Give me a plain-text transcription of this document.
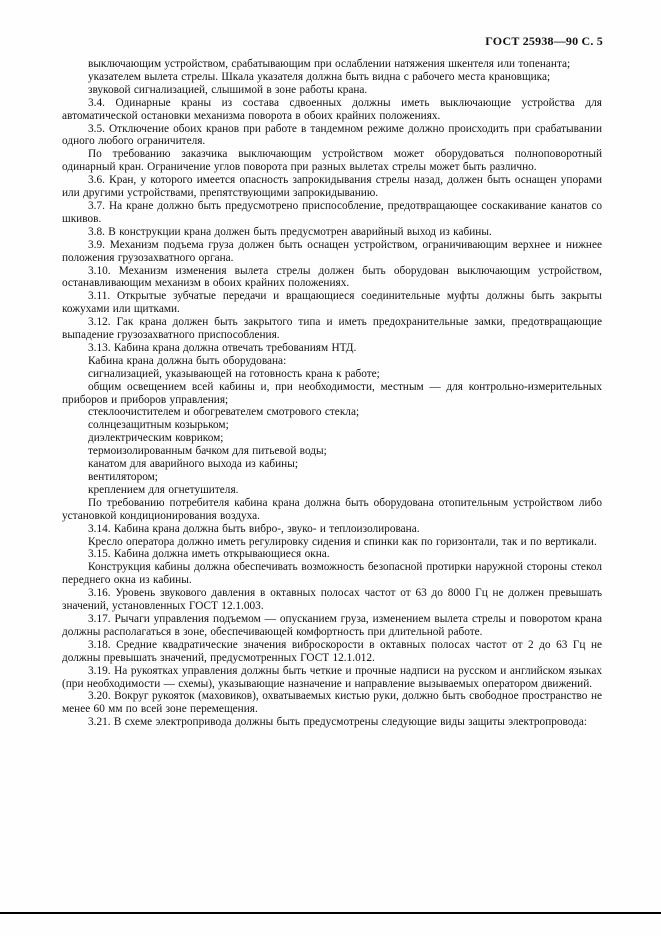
ГОСТ 25938—90 С. 5

выключающим устройством, срабатывающим при ослаблении натяжения шкентеля или топенанта;

указателем вылета стрелы. Шкала указателя должна быть видна с рабочего места крановщика;

звуковой сигнализацией, слышимой в зоне работы крана.

3.4. Одинарные краны из состава сдвоенных должны иметь выключающие устройства для автоматической остановки механизма поворота в обоих крайних положениях.

3.5. Отключение обоих кранов при работе в тандемном режиме должно происходить при срабатывании одного любого ограничителя.

По требованию заказчика выключающим устройством может оборудоваться полноповоротный одинарный кран. Ограничение углов поворота при разных вылетах стрелы может быть различно.

3.6. Кран, у которого имеется опасность запрокидывания стрелы назад, должен быть оснащен упорами или другими устройствами, препятствующими запрокидыванию.

3.7. На кране должно быть предусмотрено приспособление, предотвращающее соскакивание канатов со шкивов.

3.8. В конструкции крана должен быть предусмотрен аварийный выход из кабины.

3.9. Механизм подъема груза должен быть оснащен устройством, ограничивающим верхнее и нижнее положения грузозахватного органа.

3.10. Механизм изменения вылета стрелы должен быть оборудован выключающим устройством, останавливающим механизм в обоих крайних положениях.

3.11. Открытые зубчатые передачи и вращающиеся соединительные муфты должны быть закрыты кожухами или щитками.

3.12. Гак крана должен быть закрытого типа и иметь предохранительные замки, предотвращающие выпадение грузозахватного приспособления.

3.13. Кабина крана должна отвечать требованиям НТД.

Кабина крана должна быть оборудована:

сигнализацией, указывающей на готовность крана к работе;

общим освещением всей кабины и, при необходимости, местным — для контрольно-измерительных приборов и приборов управления;

стеклоочистителем и обогревателем смотрового стекла;

солнцезащитным козырьком;

диэлектрическим ковриком;

термоизолированным бачком для питьевой воды;

канатом для аварийного выхода из кабины;

вентилятором;

креплением для огнетушителя.

По требованию потребителя кабина крана должна быть оборудована отопительным устройством либо установкой кондиционирования воздуха.

3.14. Кабина крана должна быть вибро-, звуко- и теплоизолирована.

Кресло оператора должно иметь регулировку сидения и спинки как по горизонтали, так и по вертикали.

3.15. Кабина должна иметь открывающиеся окна.

Конструкция кабины должна обеспечивать возможность безопасной протирки наружной стороны стекол переднего окна из кабины.

3.16. Уровень звукового давления в октавных полосах частот от 63 до 8000 Гц не должен превышать значений, установленных ГОСТ 12.1.003.

3.17. Рычаги управления подъемом — опусканием груза, изменением вылета стрелы и поворотом крана должны располагаться в зоне, обеспечивающей комфортность при длительной работе.

3.18. Средние квадратические значения виброскорости в октавных полосах частот от 2 до 63 Гц не должны превышать значений, предусмотренных ГОСТ 12.1.012.

3.19. На рукоятках управления должны быть четкие и прочные надписи на русском и английском языках (при необходимости — схемы), указывающие назначение и направление вызываемых оператором движений.

3.20. Вокруг рукояток (маховиков), охватываемых кистью руки, должно быть свободное пространство не менее 60 мм по всей зоне перемещения.

3.21. В схеме электропривода должны быть предусмотрены следующие виды защиты электропровода:
